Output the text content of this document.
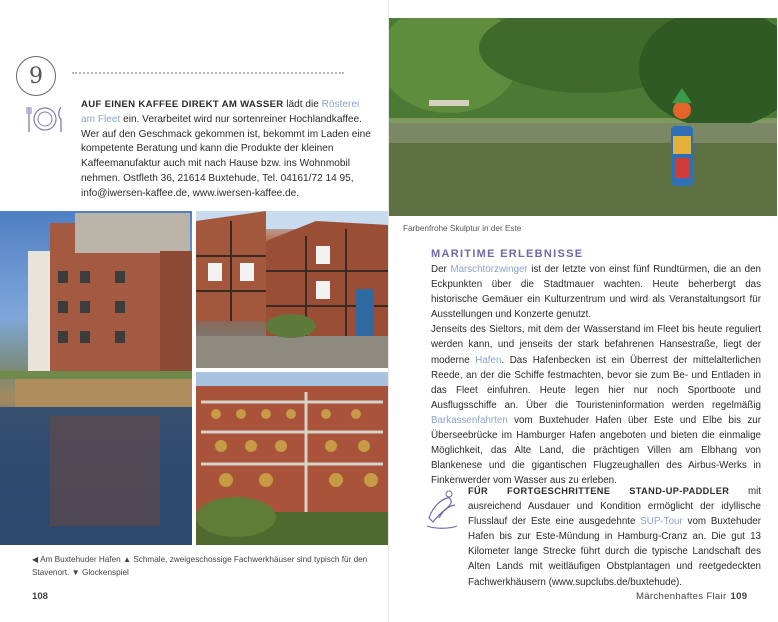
9
AUF EINEN KAFFEE DIREKT AM WASSER lädt die Rösterei am Fleet ein. Verarbeitet wird nur sortenreiner Hochlandkaffee. Wer auf den Geschmack gekommen ist, bekommt im Laden eine kompetente Beratung und kann die Produkte der kleinen Kaffeemanufaktur auch mit nach Hause bzw. ins Wohnmobil nehmen. Ostfleth 36, 21614 Buxtehude, Tel. 04161/72 14 95, info@iwersen-kaffee.de, www.iwersen-kaffee.de.
◀ Am Buxtehuder Hafen ▲ Schmale, zweigeschossige Fachwerkhäuser sind typisch für den Stavenort. ▼ Glockenspiel
108
Farbenfrohe Skulptur in der Este
MARITIME ERLEBNISSE
Der Marschtorzwinger ist der letzte von einst fünf Rundtürmen, die an den Eckpunkten über die Stadtmauer wachten. Heute beherbergt das historische Gemäuer ein Kulturzentrum und wird als Veranstaltungsort für Ausstellungen und Konzerte genutzt.
Jenseits des Sieltors, mit dem der Wasserstand im Fleet bis heute reguliert werden kann, und jenseits der stark befahrenen Hansestraße, liegt der moderne Hafen. Das Hafenbecken ist ein Überrest der mittelalterlichen Reede, an der die Schiffe festmachten, bevor sie zum Be- und Entladen in das Fleet einfuhren. Heute legen hier nur noch Sportboote und Ausflugsschiffe an. Über die Touristeninformation werden regelmäßig Barkassenfahrten vom Buxtehuder Hafen über Este und Elbe bis zur Überseebrücke im Hamburger Hafen angeboten und bieten die einmalige Möglichkeit, das Alte Land, die prächtigen Villen am Elbhang von Blankenese und die gigantischen Flugzeughallen des Airbus-Werks in Finkenwerder vom Wasser aus zu erleben.
FÜR FORTGESCHRITTENE STAND-UP-PADDLER mit ausreichend Ausdauer und Kondition ermöglicht der idyllische Flusslauf der Este eine ausgedehnte SUP-Tour vom Buxtehuder Hafen bis zur Este-Mündung in Hamburg-Cranz an. Die gut 13 Kilometer lange Strecke führt durch die typische Landschaft des Alten Lands mit weitläufigen Obstplantagen und reetgedeckten Fachwerkhäusern (www.supclubs.de/buxtehude).
Märchenhaftes Flair 109
